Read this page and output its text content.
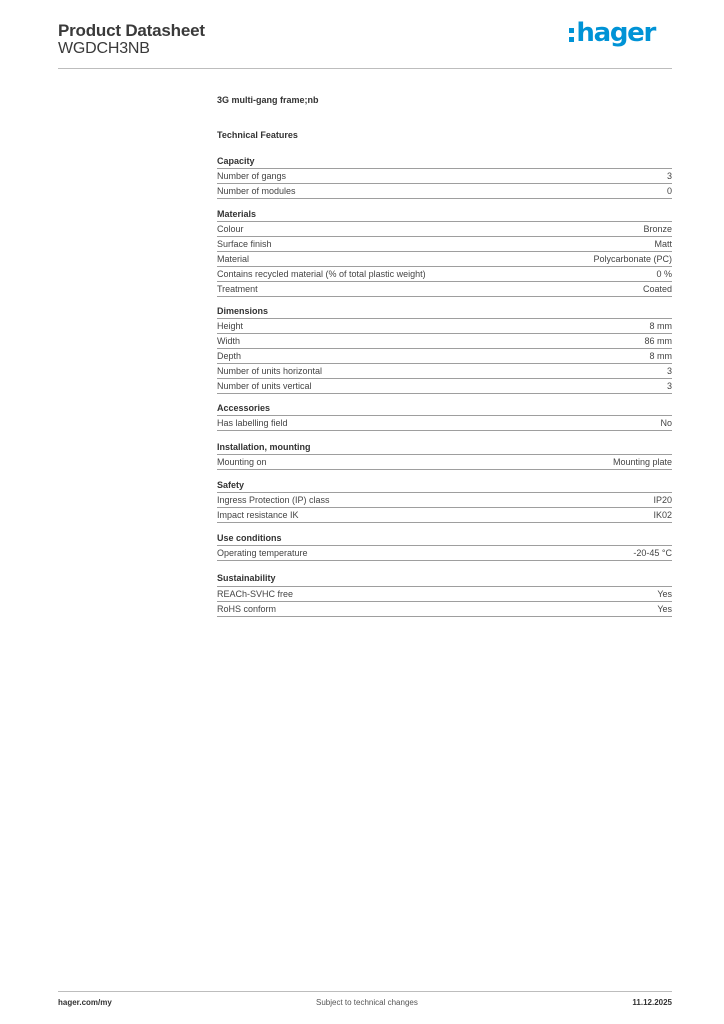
Product Datasheet
WGDCH3NB
hager
3G multi-gang frame;nb
Technical Features
Capacity
Number of gangs	3
Number of modules	0
Materials
Colour	Bronze
Surface finish	Matt
Material	Polycarbonate (PC)
Contains recycled material (% of total plastic weight)	0 %
Treatment	Coated
Dimensions
Height	8 mm
Width	86 mm
Depth	8 mm
Number of units horizontal	3
Number of units vertical	3
Accessories
Has labelling field	No
Installation, mounting
Mounting on	Mounting plate
Safety
Ingress Protection (IP) class	IP20
Impact resistance IK	IK02
Use conditions
Operating temperature	-20-45 °C
Sustainability
REACh-SVHC free	Yes
RoHS conform	Yes
hager.com/my	Subject to technical changes	11.12.2025
